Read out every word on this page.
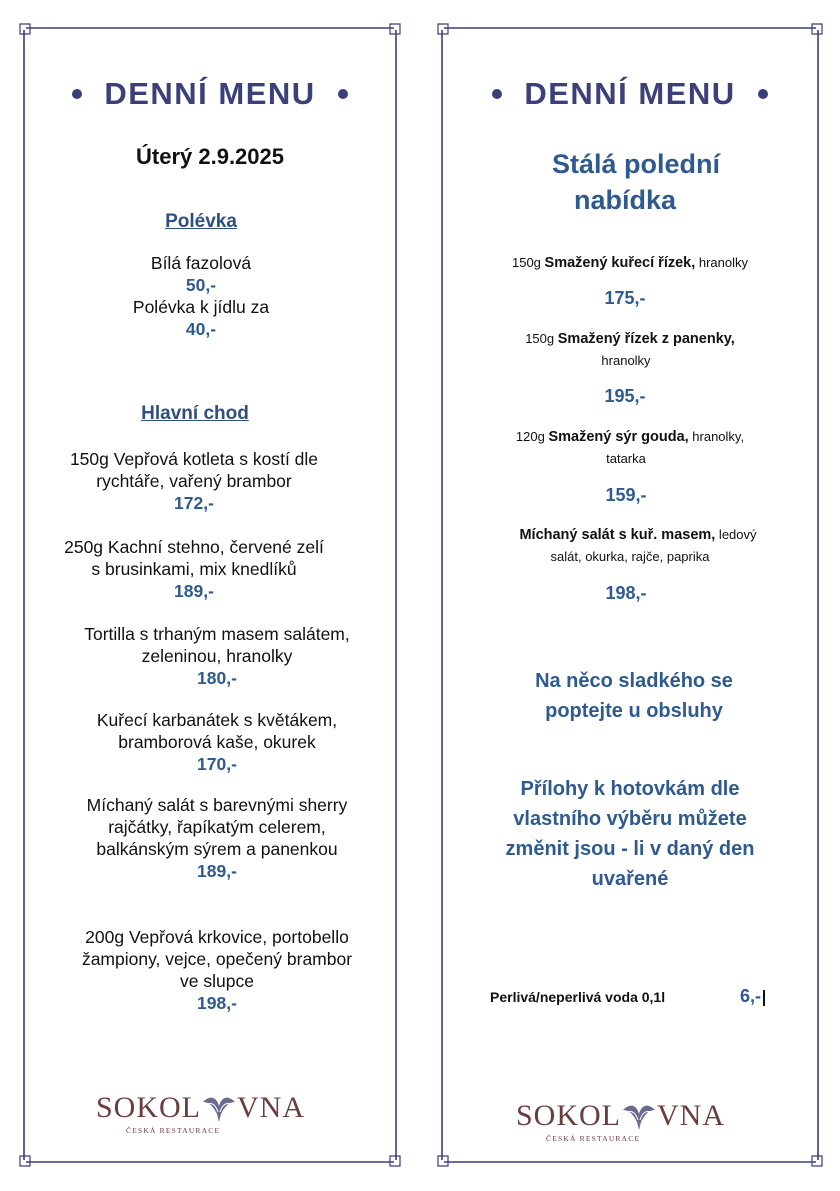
DENNÍ MENU
Úterý 2.9.2025
Polévka
Bílá fazolová
50,-
Polévka k jídlu za
40,-
Hlavní chod
150g Vepřová kotleta s kostí dle
rychtáře, vařený brambor
172,-
250g Kachní stehno, červené zelí
s brusinkami, mix knedlíků
189,-
Tortilla s trhaným masem salátem,
zeleninou, hranolky
180,-
Kuřecí karbanátek s květákem,
bramborová kaše, okurek
170,-
Míchaný salát s barevnými sherry
rajčátky, řapíkatým celerem,
balkánským sýrem a panenkou
189,-
200g Vepřová krkovice, portobello
žampiony, vejce, opečený brambor
ve slupce
198,-
SOKOL VNA
ČESKÁ RESTAURACE
DENNÍ MENU
Stálá polední
nabídka
150g Smažený kuřecí řízek, hranolky
175,-
150g Smažený řízek z panenky,
hranolky
195,-
120g Smažený sýr gouda, hranolky,
tatarka
159,-
Míchaný salát s kuř. masem, ledový
salát, okurka, rajče, paprika
198,-
Na něco sladkého se
poptejte u obsluhy
Přílohy k hotovkám dle
vlastního výběru můžete
změnit jsou - li v daný den
uvařené
Perlivá/neperlivá voda 0,1l	6,-
SOKOL VNA
ČESKÁ RESTAURACE
